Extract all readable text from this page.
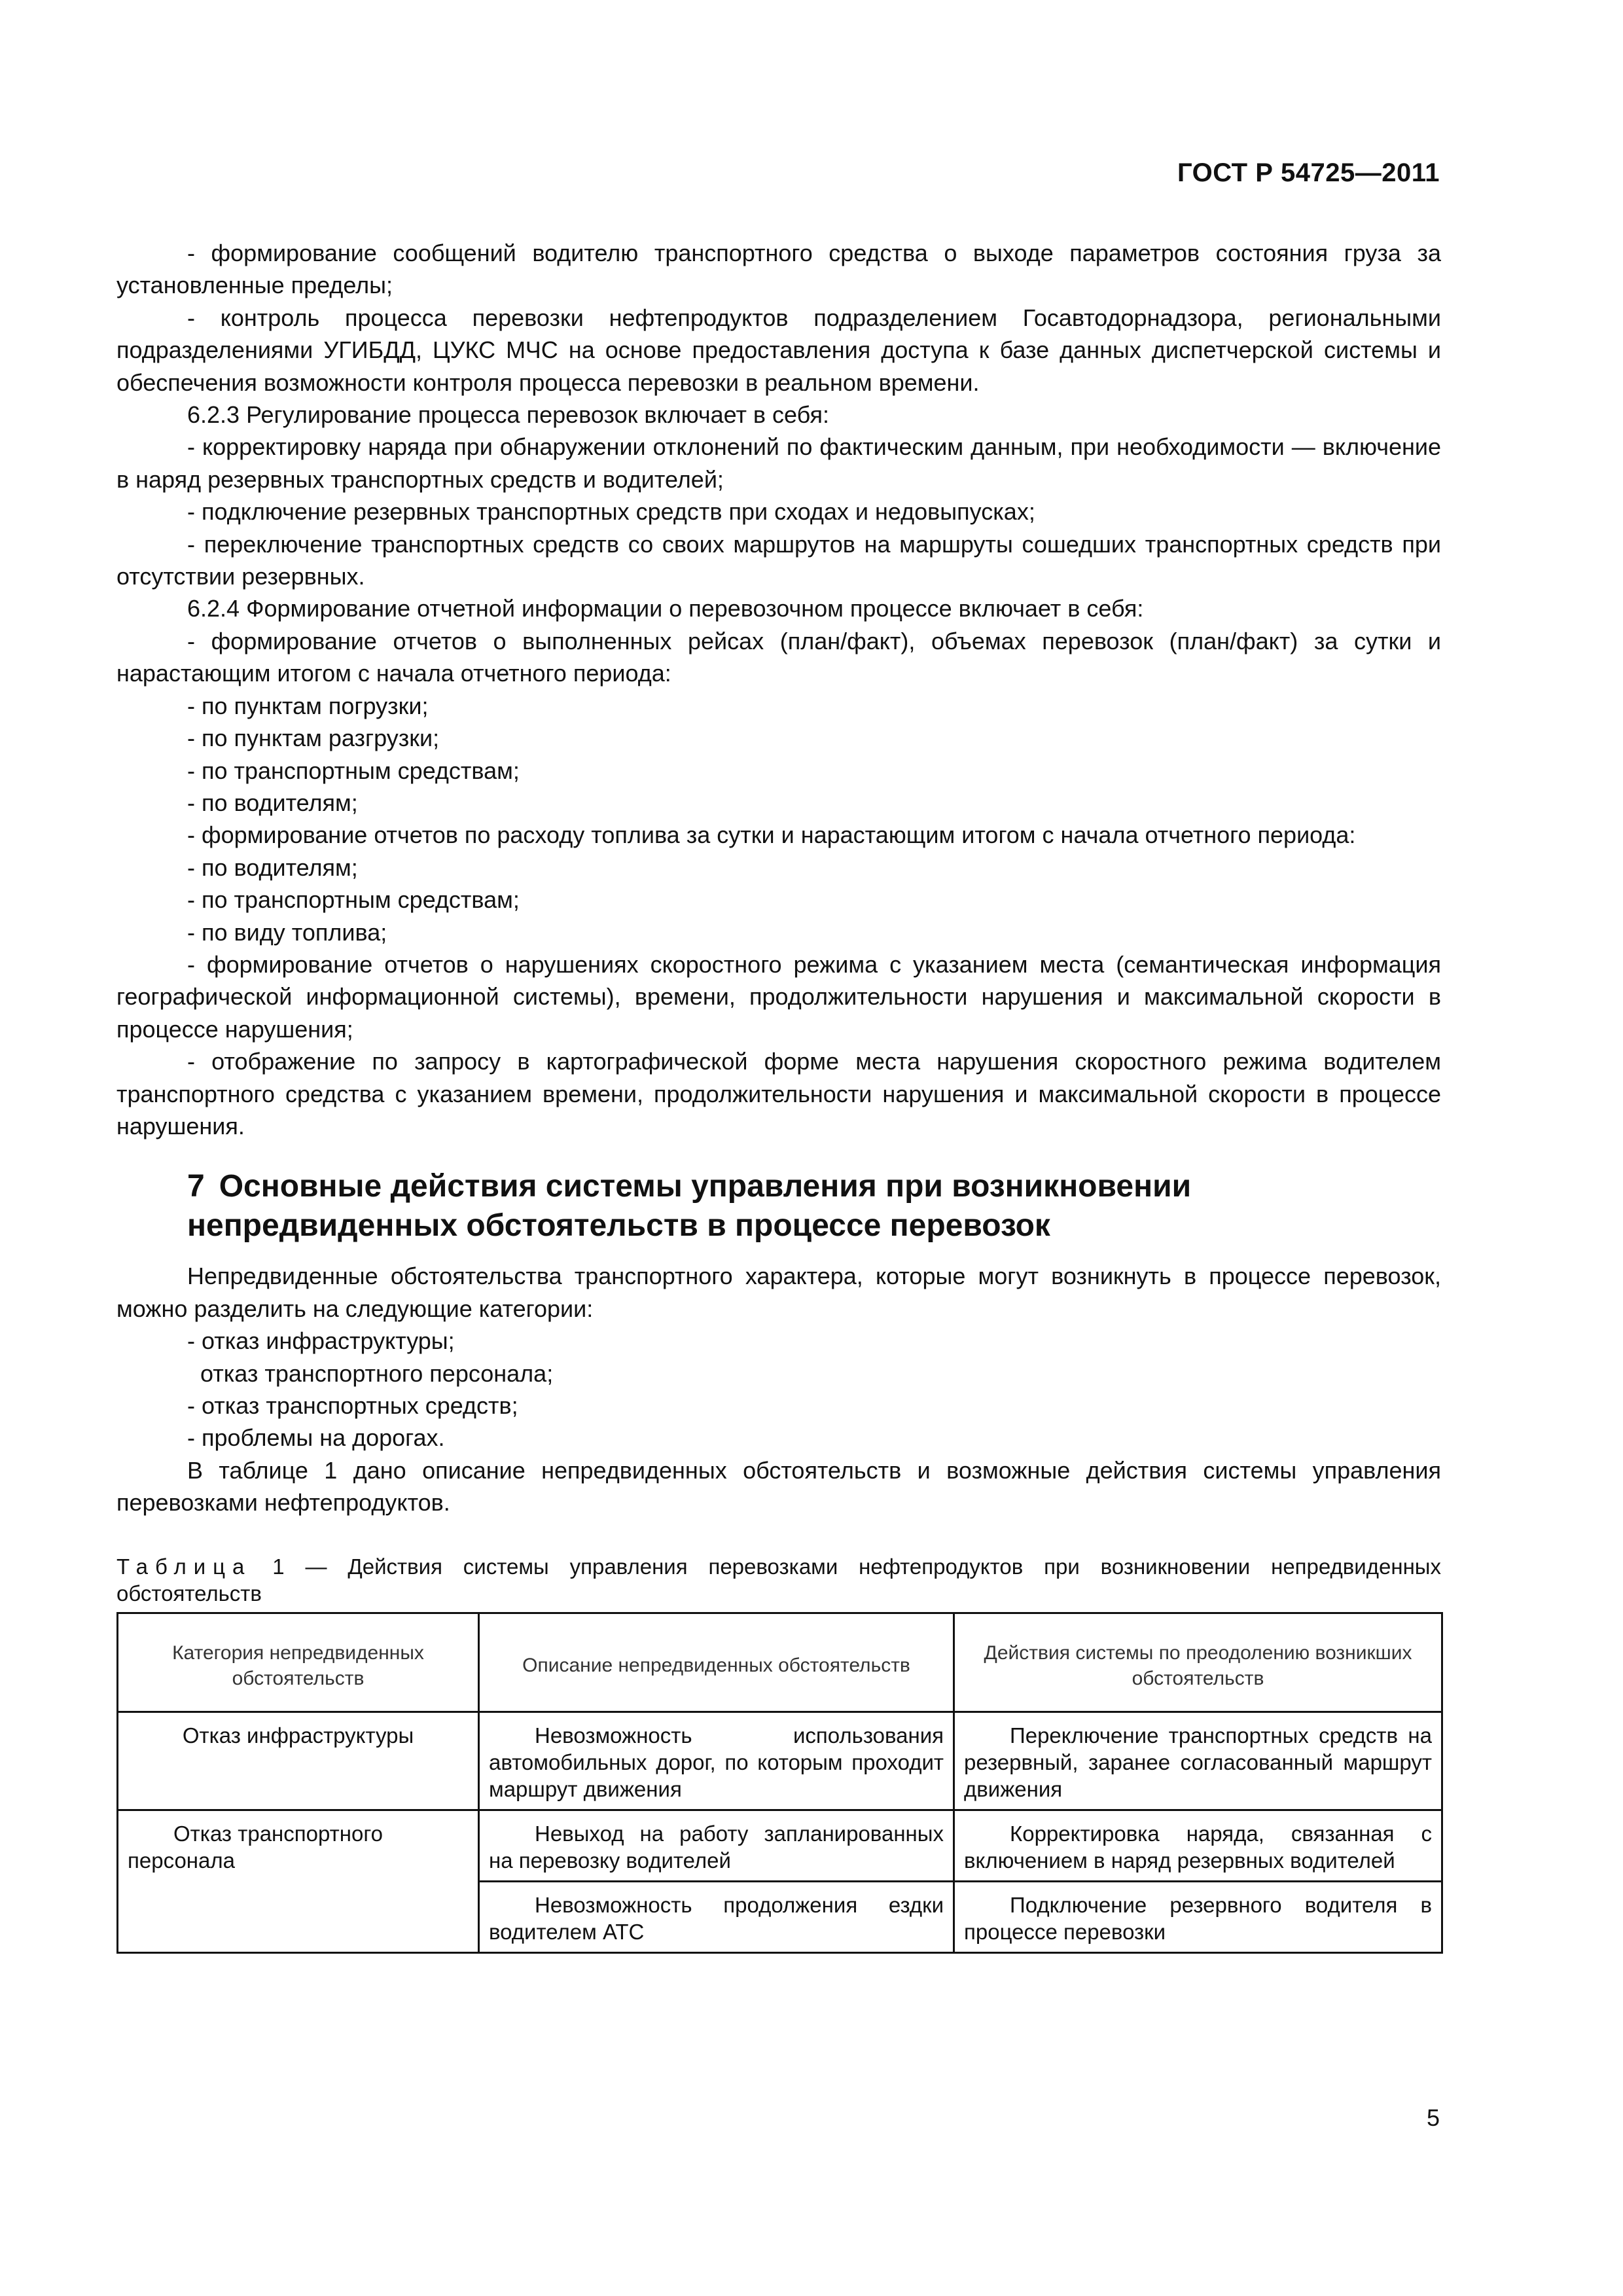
ГОСТ Р 54725—2011

- формирование сообщений водителю транспортного средства о выходе параметров состояния груза за установленные пределы;

- контроль процесса перевозки нефтепродуктов подразделением Госавтодорнадзора, региональными подразделениями УГИБДД, ЦУКС МЧС на основе предоставления доступа к базе данных диспетчерской системы и обеспечения возможности контроля процесса перевозки в реальном времени.

6.2.3 Регулирование процесса перевозок включает в себя:

- корректировку наряда при обнаружении отклонений по фактическим данным, при необходимости — включение в наряд резервных транспортных средств и водителей;

- подключение резервных транспортных средств при сходах и недовыпусках;

- переключение транспортных средств со своих маршрутов на маршруты сошедших транспортных средств при отсутствии резервных.

6.2.4 Формирование отчетной информации о перевозочном процессе включает в себя:

- формирование отчетов о выполненных рейсах (план/факт), объемах перевозок (план/факт) за сутки и нарастающим итогом с начала отчетного периода:

- по пунктам погрузки;

- по пунктам разгрузки;

- по транспортным средствам;

- по водителям;

- формирование отчетов по расходу топлива за сутки и нарастающим итогом с начала отчетного периода:

- по водителям;

- по транспортным средствам;

- по виду топлива;

- формирование отчетов о нарушениях скоростного режима с указанием места (семантическая информация географической информационной системы), времени, продолжительности нарушения и максимальной скорости в процессе нарушения;

- отображение по запросу в картографической форме места нарушения скоростного режима водителем транспортного средства с указанием времени, продолжительности нарушения и максимальной скорости в процессе нарушения.

7 Основные действия системы управления при возникновении непредвиденных обстоятельств в процессе перевозок

Непредвиденные обстоятельства транспортного характера, которые могут возникнуть в процессе перевозок, можно разделить на следующие категории:

- отказ инфраструктуры;

отказ транспортного персонала;

- отказ транспортных средств;

- проблемы на дорогах.

В таблице 1 дано описание непредвиденных обстоятельств и возможные действия системы управления перевозками нефтепродуктов.

Таблица 1 — Действия системы управления перевозками нефтепродуктов при возникновении непредвиденных обстоятельств
Категория непредвиденных обстоятельств	Описание непредвиденных обстоятельств	Действия системы по преодолению возникших обстоятельств
Отказ инфраструктуры	Невозможность использования автомобильных дорог, по которым проходит маршрут движения	Переключение транспортных средств на резервный, заранее согласованный маршрут движения

Отказ транспортного персонала	Невыход на работу запланированных на перевозку водителей	Корректировка наряда, связанная с включением в наряд резервных водителей

	Невозможность продолжения ездки водителем АТС	Подключение резервного водителя в процессе перевозки
5
